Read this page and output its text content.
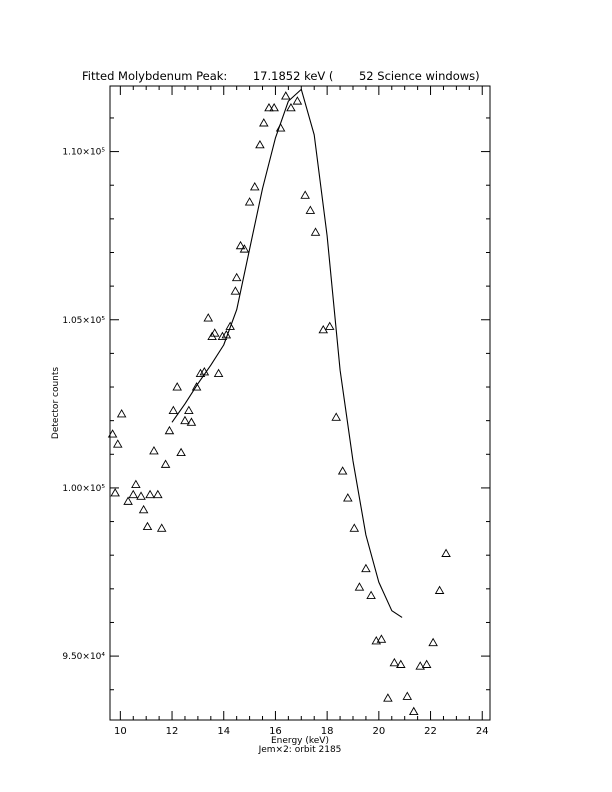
Fitted Molybdenum Peak:       17.1852 keV (       52 Science windows)
10	12	14	16	18	20	22	24
9.50×10⁴
1.00×10⁵
1.05×10⁵
1.10×10⁵
Energy (keV)
Jem×2: orbit 2185
Detector counts
